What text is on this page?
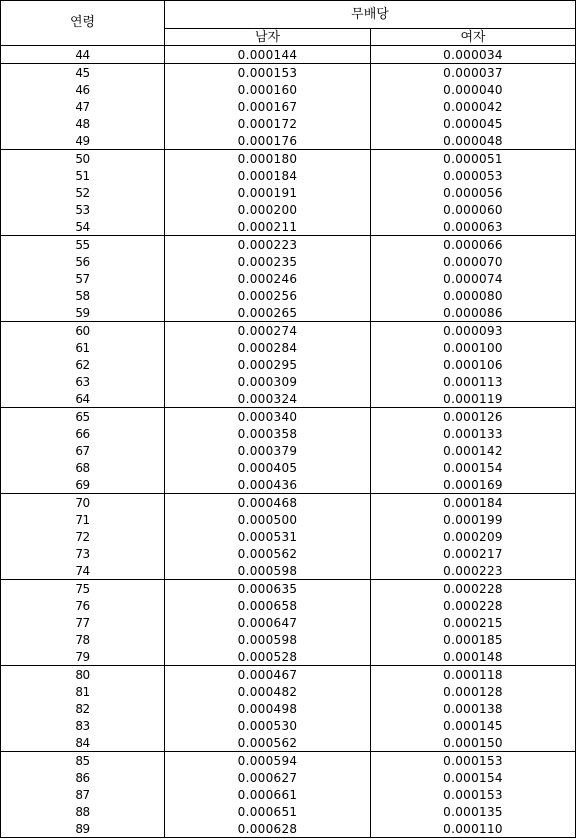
연령	무배당	
	남자	여자
44	0.000144	0.000034
45	0.000153	0.000037
46	0.000160	0.000040
47	0.000167	0.000042
48	0.000172	0.000045
49	0.000176	0.000048
50	0.000180	0.000051
51	0.000184	0.000053
52	0.000191	0.000056
53	0.000200	0.000060
54	0.000211	0.000063
55	0.000223	0.000066
56	0.000235	0.000070
57	0.000246	0.000074
58	0.000256	0.000080
59	0.000265	0.000086
60	0.000274	0.000093
61	0.000284	0.000100
62	0.000295	0.000106
63	0.000309	0.000113
64	0.000324	0.000119
65	0.000340	0.000126
66	0.000358	0.000133
67	0.000379	0.000142
68	0.000405	0.000154
69	0.000436	0.000169
70	0.000468	0.000184
71	0.000500	0.000199
72	0.000531	0.000209
73	0.000562	0.000217
74	0.000598	0.000223
75	0.000635	0.000228
76	0.000658	0.000228
77	0.000647	0.000215
78	0.000598	0.000185
79	0.000528	0.000148
80	0.000467	0.000118
81	0.000482	0.000128
82	0.000498	0.000138
83	0.000530	0.000145
84	0.000562	0.000150
85	0.000594	0.000153
86	0.000627	0.000154
87	0.000661	0.000153
88	0.000651	0.000135
89	0.000628	0.000110
